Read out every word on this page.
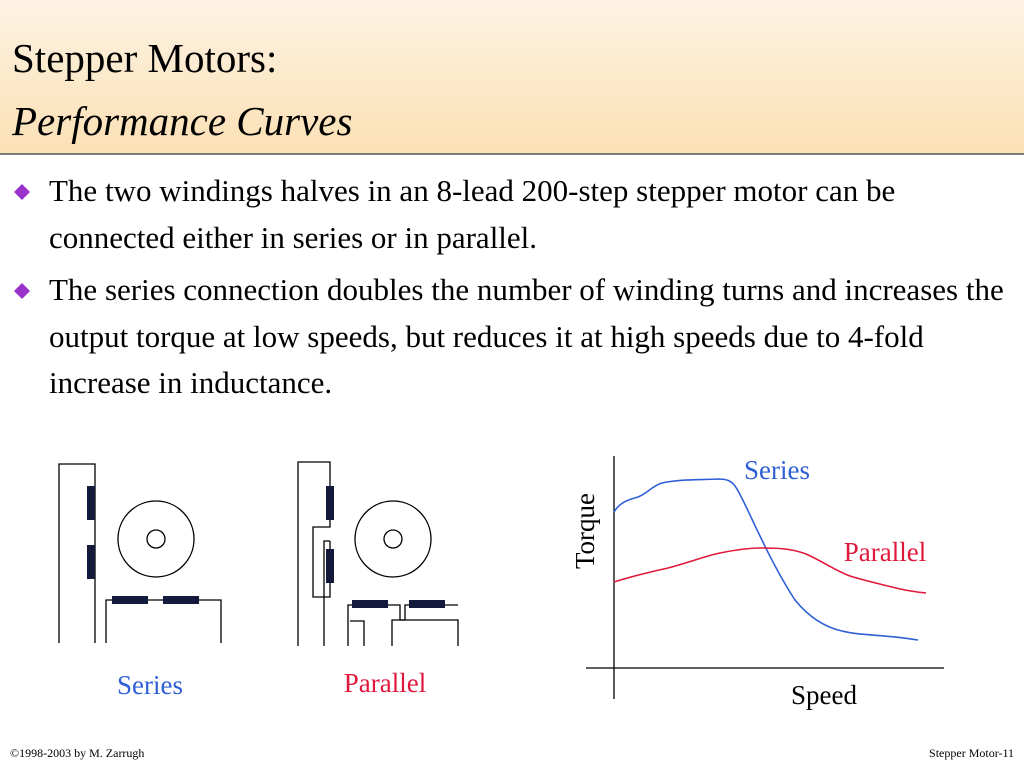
Stepper Motors:
Performance Curves
The two windings halves in an 8-lead 200-step stepper motor can be connected either in series or in parallel.
The series connection doubles the number of winding turns and increases the output torque at low speeds, but reduces it at high speeds due to 4-fold increase in inductance.
Series	Parallel
Torque
Speed
Series
Parallel
©1998-2003 by M. Zarrugh	Stepper Motor-11
